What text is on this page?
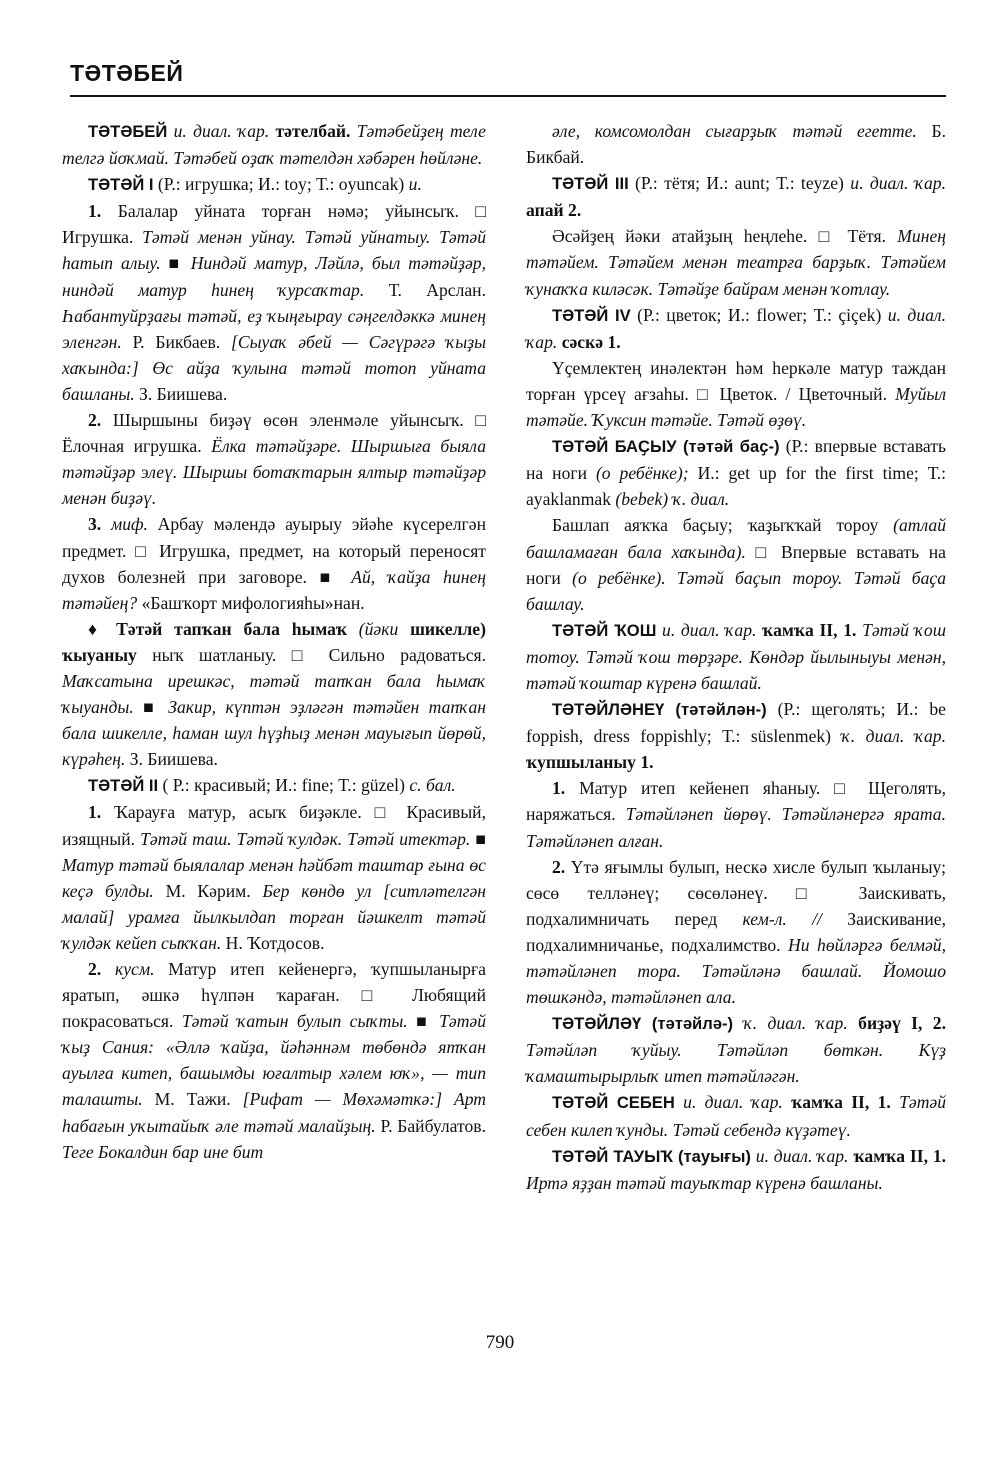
ТӘТӘБЕЙ

ТӘТӘБЕЙ и. диал. ҡар. тәтелбай. Тәтәбейҙең теле телгә йоҡмай. Тәтәбей оҙаҡ тәтелдән хәбәрен һөйләне.

ТӘТӘЙ I (Р.: игрушка; И.: toy; Т.: oyuncak) и.

1. Балалар уйната торған нәмә; уйынсыҡ. □ Игрушка. Тәтәй менән уйнау. Тәтәй уйнатыу. Тәтәй һатып алыу. ■ Ниндәй матур, Ләйлә, был тәтәйҙәр, ниндәй матур һинең ҡурсаҡтар. Т. Арслан. Һабантуйрҙағы тәтәй, еҙ ҡыңғырау сәңгелдәккә минең эленгән. Р. Бикбаев. [Сыуаҡ әбей — Сәгүрәгә ҡыҙы хаҡында:] Өс айҙа ҡулына тәтәй тотоп уйната башланы. З. Биишева.

2. Шыршыны биҙәү өсөн эленмәле уйынсыҡ. □ Ёлочная игрушка. Ёлка тәтәйҙәре. Шыршыға быяла тәтәйҙәр элеү. Шыршы ботаҡтарын ялтыр тәтәйҙәр менән биҙәү.

3. миф. Арбау мәлендә ауырыу эйәһе күсерелгән предмет. □ Игрушка, предмет, на который переносят духов болезней при заговоре. ■ Ай, ҡайҙа һинең тәтәйең? «Башҡорт мифологияһы»нан.

♦ Тәтәй тапҡан бала һымаҡ (йәки шикелле) ҡыуаныу ныҡ шатланыу. □ Сильно радоваться. Маҡсатына ирешкәс, тәтәй тапҡан бала һымаҡ ҡыуанды. ■ Закир, күптән эҙләгән тәтәйен тапҡан бала шикелле, һаман шул һүҙһыҙ менән мауығып йөрөй, күрәһең. З. Биишева.

ТӘТӘЙ II ( Р.: красивый; И.: fine; Т.: güzel) с. бал.

1. Ҡарауға матур, асыҡ биҙәкле. □ Красивый, изящный. Тәтәй таш. Тәтәй ҡулдәк. Тәтәй итектәр. ■ Матур тәтәй быялалар менән һәйбәт таштар ғына өс кеҫә булды. М. Кәрим. Бер көндө ул [ситләтелгән малай] урамға йылкылдап торған йәшкелт тәтәй ҡулдәк кейеп сыҡҡан. Н. Ҡотдосов.

2. кусм. Матур итеп кейенергә, ҡупшыланырға яратып, әшкә һүлпән ҡараған. □ Любящий покрасоваться. Тәтәй ҡатын булып сыҡты. ■ Тәтәй ҡыҙ Сания: «Әллә ҡайҙа, йәһәннәм төбөндә ятҡан ауылға китеп, башымды юғалтыр хәлем юҡ», — тип талашты. М. Тажи. [Рифат — Мөхәмәткә:] Арт һабағын уҡытайыҡ әле тәтәй малайҙың. Р. Байбулатов. Теге Бокалдин бар ине бит

әле, комсомолдан сығарҙыҡ тәтәй егетте. Б. Бикбай.

ТӘТӘЙ III (Р.: тётя; И.: aunt; Т.: teyze) и. диал. ҡар. апай 2.

Әсәйҙең йәки атайҙың һеңлеһе. □ Тётя. Минең тәтәйем. Тәтәйем менән театрға барҙыҡ. Тәтәйем ҡунаҡҡа киләсәк. Тәтәйҙе байрам менән ҡотлау.

ТӘТӘЙ IV (Р.: цветок; И.: flower; Т.: çiçek) и. диал. ҡар. сәскә 1.

Үҫемлектең инәлектән һәм һеркәле матур таждан торған үрсеү ағзаһы. □ Цветок. / Цветочный. Муйыл тәтәйе. Ҡуксин тәтәйе. Тәтәй өҙөү.

ТӘТӘЙ БАҪЫУ (тәтәй баҫ-) (Р.: впервые вставать на ноги (о ребёнке); И.: get up for the first time; Т.: ayaklanmak (bebek) ҡ. диал.

Башлап аяҡҡа баҫыу; ҡаҙыҡҡай тороу (атлай башламаған бала хаҡында). □ Впервые вставать на ноги (о ребёнке). Тәтәй баҫып тороу. Тәтәй баҫа башлау.

ТӘТӘЙ ҠОШ и. диал. ҡар. ҡамҡа II, 1. Тәтәй ҡош тотоу. Тәтәй ҡош төрҙәре. Көндәр йылыныуы менән, тәтәй ҡоштар күренә башлай.

ТӘТӘЙЛӘНЕҮ (тәтәйлән-) (Р.: щеголять; И.: be foppish, dress foppishly; Т.: süslenmek) ҡ. диал. ҡар. ҡупшыланыу 1.

1. Матур итеп кейенеп яһаныу. □ Щеголять, наряжаться. Тәтәйләнеп йөрөү. Тәтәйләнергә ярата. Тәтәйләнеп алған.

2. Үтә яғымлы булып, нескә хисле булып ҡыланыу; сөсө телләнеү; сөсөләнеү. □ Заискивать, подхалимничать перед кем-л. // Заискивание, подхалимничанье, подхалимство. Ни һөйләргә белмәй, тәтәйләнеп тора. Тәтәйләнә башлай. Йомошо төшкәндә, тәтәйләнеп ала.

ТӘТӘЙЛӘҮ (тәтәйлә-) ҡ. диал. ҡар. биҙәү I, 2. Тәтәйләп ҡуйыу. Тәтәйләп бөткән. Күҙ ҡамаштырырлыҡ итеп тәтәйләгән.

ТӘТӘЙ СЕБЕН и. диал. ҡар. ҡамҡа II, 1. Тәтәй себен килеп ҡунды. Тәтәй себендә күҙәтеү.

ТӘТӘЙ ТАУЫҠ (тауығы) и. диал. ҡар. ҡамҡа II, 1. Иртә яҙҙан тәтәй тауыҡтар күренә башланы.

790
